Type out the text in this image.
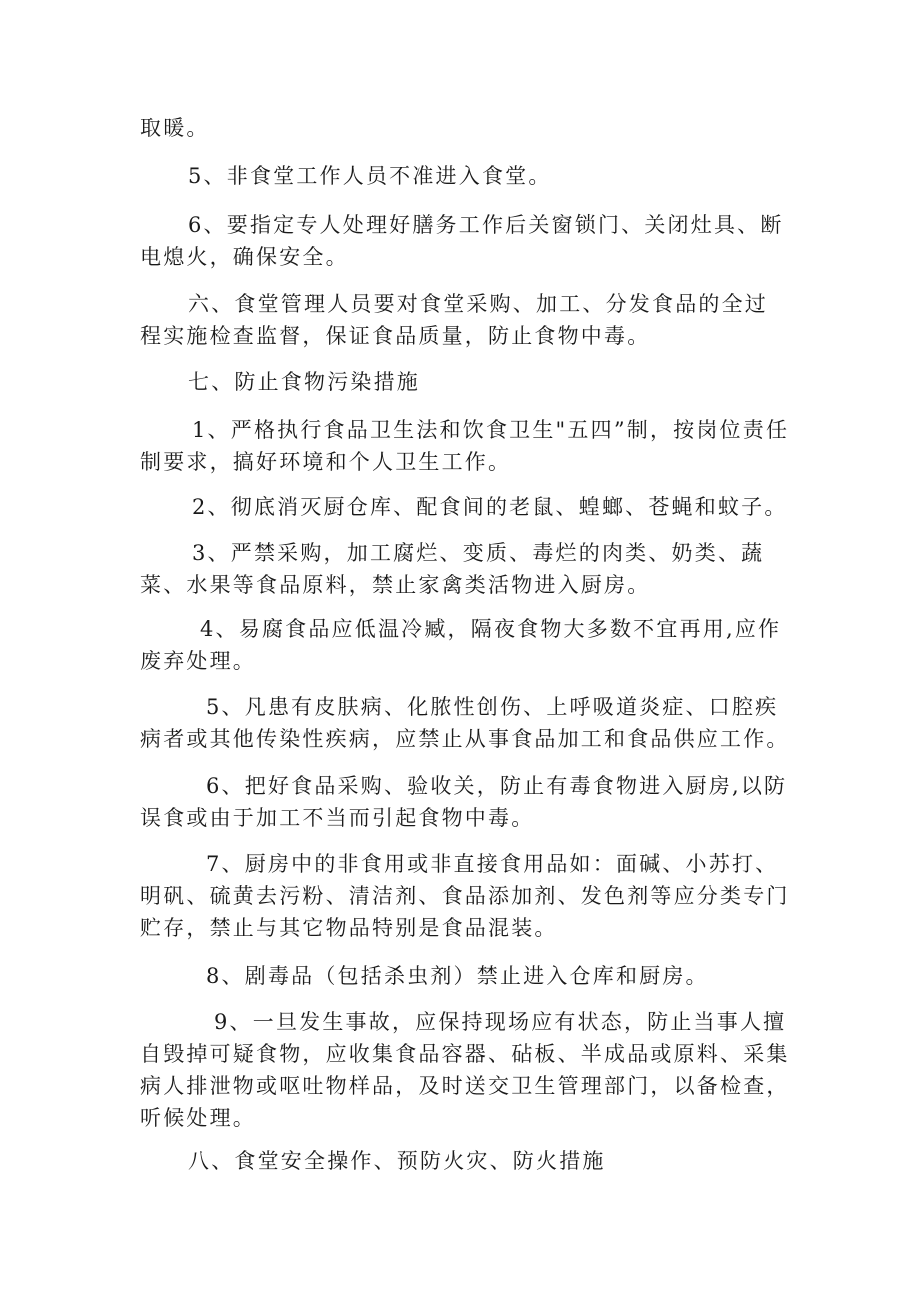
取暖。

5、非食堂工作人员不准进入食堂。

6、要指定专人处理好膳务工作后关窗锁门、关闭灶具、断电熄火，确保安全。

六、食堂管理人员要对食堂采购、加工、分发食品的全过程实施检查监督，保证食品质量，防止食物中毒。

七、防止食物污染措施

1、严格执行食品卫生法和饮食卫生"五四”制，按岗位责任制要求，搞好环境和个人卫生工作。

2、彻底消灭厨仓库、配食间的老鼠、蝗螂、苍蝇和蚊子。

3、严禁采购，加工腐烂、变质、毒烂的肉类、奶类、蔬菜、水果等食品原料，禁止家禽类活物进入厨房。

4、易腐食品应低温冷臧，隔夜食物大多数不宜再用,应作废弃处理。

5、凡患有皮肤病、化脓性创伤、上呼吸道炎症、口腔疾病者或其他传染性疾病，应禁止从事食品加工和食品供应工作。

6、把好食品采购、验收关，防止有毒食物进入厨房,以防误食或由于加工不当而引起食物中毒。

7、厨房中的非食用或非直接食用品如：面碱、小苏打、明矾、硫黄去污粉、清洁剂、食品添加剂、发色剂等应分类专门贮存，禁止与其它物品特别是食品混装。

8、剧毒品（包括杀虫剂）禁止进入仓库和厨房。

9、一旦发生事故，应保持现场应有状态，防止当事人擅自毁掉可疑食物，应收集食品容器、砧板、半成品或原料、采集病人排泄物或呕吐物样品，及时送交卫生管理部门，以备检查，听候处理。

八、食堂安全操作、预防火灾、防火措施
